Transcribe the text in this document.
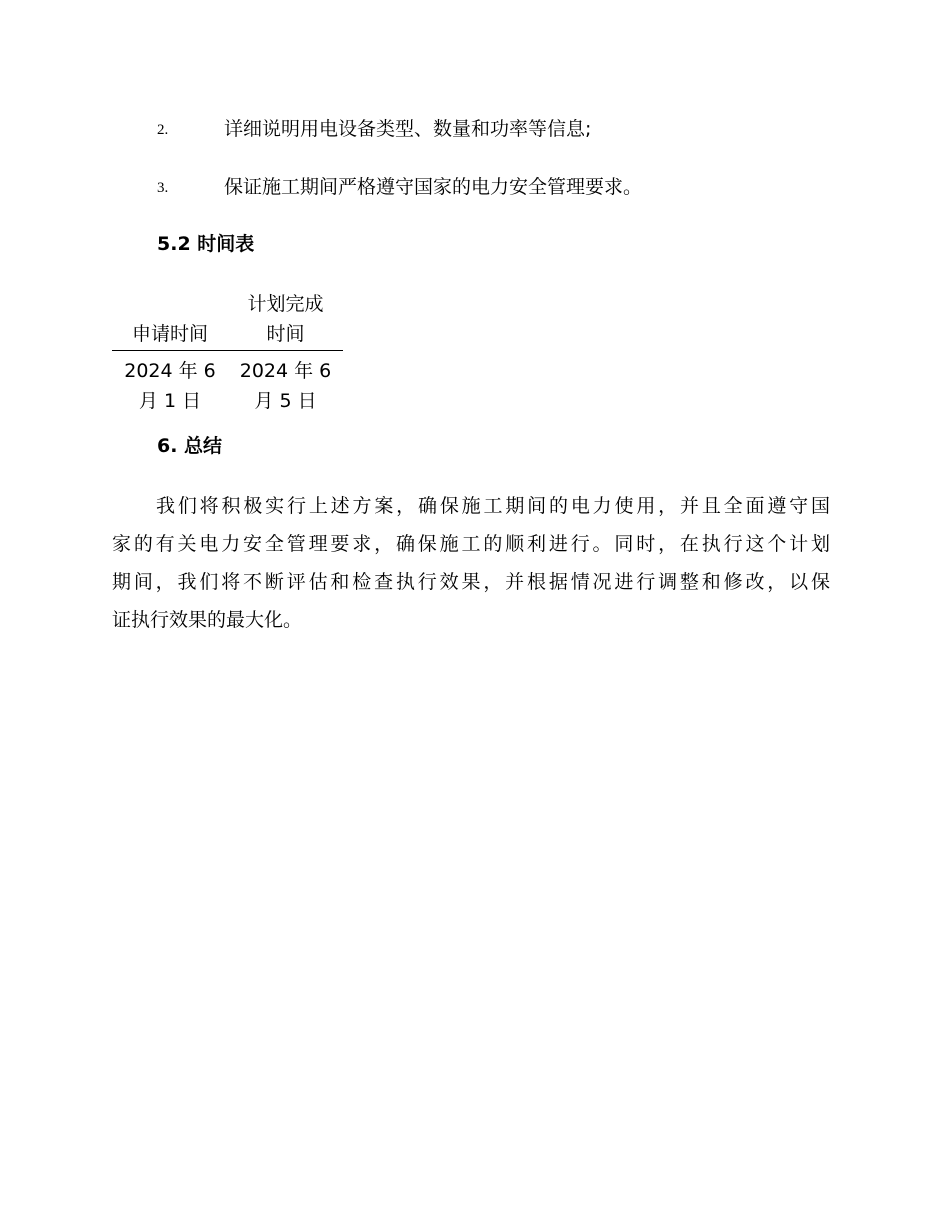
2.	详细说明用电设备类型、数量和功率等信息;
3.	保证施工期间严格遵守国家的电力安全管理要求。
5.2 时间表
申请时间
计划完成
时间
2024 年 6
月 1 日
2024 年 6
月 5 日
6. 总结
我们将积极实行上述方案，确保施工期间的电力使用，并且全面遵守国
家的有关电力安全管理要求，确保施工的顺利进行。同时，在执行这个计划
期间，我们将不断评估和检查执行效果，并根据情况进行调整和修改，以保
证执行效果的最大化。
